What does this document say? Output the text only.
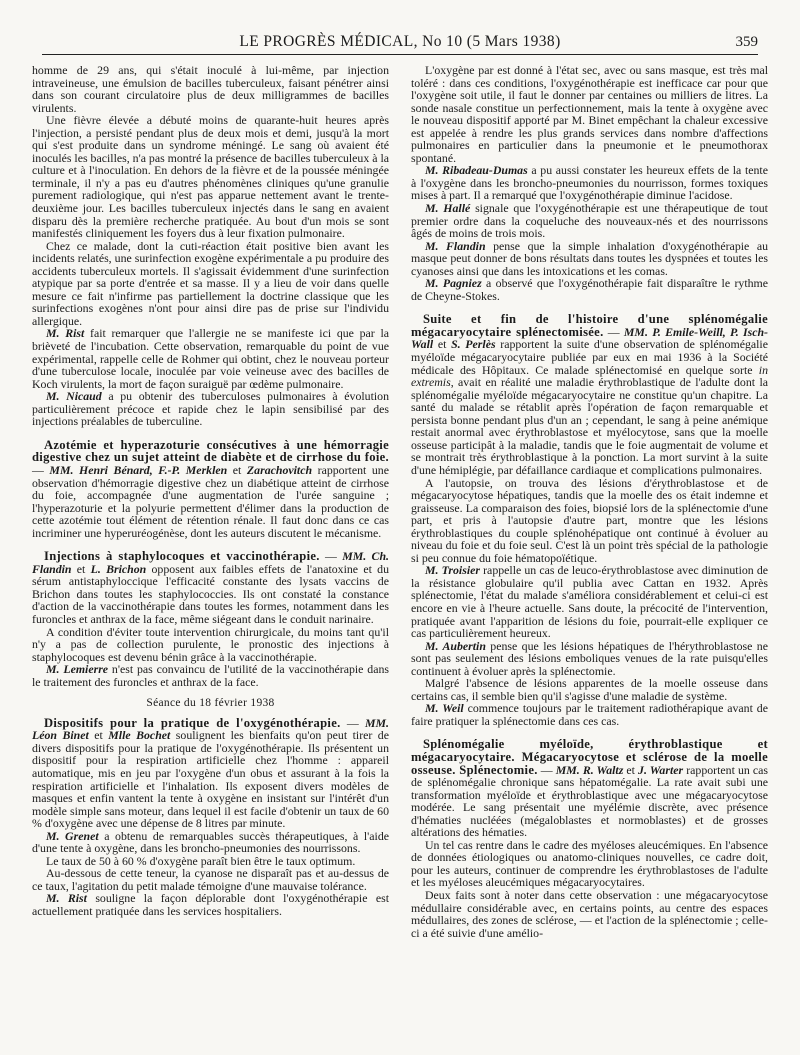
LE PROGRÈS MÉDICAL, No 10 (5 Mars 1938)	359

homme de 29 ans, qui s'était inoculé à lui-même, par injection intraveineuse, une émulsion de bacilles tuberculeux, faisant pénétrer ainsi dans son courant circulatoire plus de deux milligrammes de bacilles virulents.

Une fièvre élevée a débuté moins de quarante-huit heures après l'injection, a persisté pendant plus de deux mois et demi, jusqu'à la mort qui s'est produite dans un syndrome méningé. Le sang où avaient été inoculés les bacilles, n'a pas montré la présence de bacilles tuberculeux à la culture et à l'inoculation. En dehors de la fièvre et de la poussée méningée terminale, il n'y a pas eu d'autres phénomènes cliniques qu'une granulie purement radiologique, qui n'est pas apparue nettement avant le trente-deuxième jour. Les bacilles tuberculeux injectés dans le sang en avaient disparu dès la première recherche pratiquée. Au bout d'un mois se sont manifestés cliniquement les foyers dus à leur fixation pulmonaire.

Chez ce malade, dont la cuti-réaction était positive bien avant les incidents relatés, une surinfection exogène expérimentale a pu produire des accidents tuberculeux mortels. Il s'agissait évidemment d'une surinfection atypique par sa porte d'entrée et sa masse. Il y a lieu de voir dans quelle mesure ce fait n'infirme pas partiellement la doctrine classique que les surinfections exogènes n'ont pour ainsi dire pas de prise sur l'individu allergique.

M. Rist fait remarquer que l'allergie ne se manifeste ici que par la brièveté de l'incubation. Cette observation, remarquable du point de vue expérimental, rappelle celle de Rohmer qui obtint, chez le nouveau porteur d'une tuberculose locale, inoculée par voie veineuse avec des bacilles de Koch virulents, la mort de façon suraiguë par œdème pulmonaire.

M. Nicaud a pu obtenir des tuberculoses pulmonaires à évolution particulièrement précoce et rapide chez le lapin sensibilisé par des injections préalables de tuberculine.

Azotémie et hyperazoturie consécutives à une hémorragie digestive chez un sujet atteint de diabète et de cirrhose du foie. — MM. Henri Bénard, F.-P. Merklen et Zarachovitch rapportent une observation d'hémorragie digestive chez un diabétique atteint de cirrhose du foie, accompagnée d'une augmentation de l'urée sanguine ; l'hyperazoturie et la polyurie permettent d'élimer dans la production de cette azotémie tout élément de rétention rénale. Il faut donc dans ce cas incriminer une hyperuréogénèse, dont les auteurs discutent le mécanisme.

Injections à staphylocoques et vaccinothérapie. — MM. Ch. Flandin et L. Brichon opposent aux faibles effets de l'anatoxine et du sérum antistaphyloccique l'efficacité constante des lysats vaccins de Brichon dans toutes les staphylococcies. Ils ont constaté la constance d'action de la vaccinothérapie dans toutes les formes, notamment dans les furoncles et anthrax de la face, même siégeant dans le conduit narinaire.

A condition d'éviter toute intervention chirurgicale, du moins tant qu'il n'y a pas de collection purulente, le pronostic des injections à staphylocoques est devenu bénin grâce à la vaccinothérapie.

M. Lemierre n'est pas convaincu de l'utilité de la vaccinothérapie dans le traitement des furoncles et anthrax de la face.

Séance du 18 février 1938

Dispositifs pour la pratique de l'oxygénothérapie. — MM. Léon Binet et Mlle Bochet soulignent les bienfaits qu'on peut tirer de divers dispositifs pour la pratique de l'oxygénothérapie. Ils présentent un dispositif pour la respiration artificielle chez l'homme : appareil automatique, mis en jeu par l'oxygène d'un obus et assurant à la fois la respiration artificielle et l'inhalation. Ils exposent divers modèles de masques et enfin vantent la tente à oxygène en insistant sur l'intérêt d'un modèle simple sans moteur, dans lequel il est facile d'obtenir un taux de 60 % d'oxygène avec une dépense de 8 litres par minute.

M. Grenet a obtenu de remarquables succès thérapeutiques, à l'aide d'une tente à oxygène, dans les broncho-pneumonies des nourrissons.

Le taux de 50 à 60 % d'oxygène paraît bien être le taux optimum.

Au-dessous de cette teneur, la cyanose ne disparaît pas et au-dessus de ce taux, l'agitation du petit malade témoigne d'une mauvaise tolérance.

M. Rist souligne la façon déplorable dont l'oxygénothérapie est actuellement pratiquée dans les services hospitaliers.

L'oxygène par est donné à l'état sec, avec ou sans masque, est très mal toléré : dans ces conditions, l'oxygénothérapie est inefficace car pour que l'oxygène soit utile, il faut le donner par centaines ou milliers de litres. La sonde nasale constitue un perfectionnement, mais la tente à oxygène avec le nouveau dispositif apporté par M. Binet empêchant la chaleur excessive est appelée à rendre les plus grands services dans nombre d'affections pulmonaires en particulier dans la pneumonie et le pneumothorax spontané.

M. Ribadeau-Dumas a pu aussi constater les heureux effets de la tente à l'oxygène dans les broncho-pneumonies du nourrisson, formes toxiques mises à part. Il a remarqué que l'oxygénothérapie diminue l'acidose.

M. Hallé signale que l'oxygénothérapie est une thérapeutique de tout premier ordre dans la coqueluche des nouveaux-nés et des nourrissons âgés de moins de trois mois.

M. Flandin pense que la simple inhalation d'oxygénothérapie au masque peut donner de bons résultats dans toutes les dyspnées et toutes les cyanoses ainsi que dans les intoxications et les comas.

M. Pagniez a observé que l'oxygénothérapie fait disparaître le rythme de Cheyne-Stokes.

Suite et fin de l'histoire d'une splénomégalie mégacaryocytaire splénectomisée. — MM. P. Emile-Weill, P. Isch-Wall et S. Perlès rapportent la suite d'une observation de splénomégalie myéloïde mégacaryocytaire publiée par eux en mai 1936 à la Société médicale des Hôpitaux. Ce malade splénectomisé en quelque sorte in extremis, avait en réalité une maladie érythroblastique de l'adulte dont la splénomégalie myéloïde mégacaryocytaire ne constitue qu'un chapitre. La santé du malade se rétablit après l'opération de façon remarquable et persista bonne pendant plus d'un an ; cependant, le sang à peine anémique restait anormal avec érythroblastose et myélocytose, sans que la moelle osseuse participât à la maladie, tandis que le foie augmentait de volume et se montrait très érythroblastique à la ponction. La mort survint à la suite d'une hémiplégie, par défaillance cardiaque et complications pulmonaires.

A l'autopsie, on trouva des lésions d'érythroblastose et de mégacaryocytose hépatiques, tandis que la moelle des os était indemne et graisseuse. La comparaison des foies, biopsié lors de la splénectomie d'une part, et pris à l'autopsie d'autre part, montre que les lésions érythroblastiques du couple splénohépatique ont continué à évoluer au niveau du foie et du foie seul. C'est là un point très spécial de la pathologie si peu connue du foie hématopoïétique.

M. Troisier rappelle un cas de leuco-érythroblastose avec diminution de la résistance globulaire qu'il publia avec Cattan en 1932. Après splénectomie, l'état du malade s'améliora considérablement et celui-ci est encore en vie à l'heure actuelle. Sans doute, la précocité de l'intervention, pratiquée avant l'apparition de lésions du foie, pourrait-elle expliquer ce cas particulièrement heureux.

M. Aubertin pense que les lésions hépatiques de l'hérythroblastose ne sont pas seulement des lésions emboliques venues de la rate puisqu'elles continuent à évoluer après la splénectomie.

Malgré l'absence de lésions apparentes de la moelle osseuse dans certains cas, il semble bien qu'il s'agisse d'une maladie de système.

M. Weil commence toujours par le traitement radiothérapique avant de faire pratiquer la splénectomie dans ces cas.

Splénomégalie myéloïde, érythroblastique et mégacaryocytaire. Mégacaryocytose et sclérose de la moelle osseuse. Splénectomie. — MM. R. Waltz et J. Warter rapportent un cas de splénomégalie chronique sans hépatomégalie. La rate avait subi une transformation myéloïde et érythroblastique avec une mégacaryocytose modérée. Le sang présentait une myélémie discrète, avec présence d'hématies nucléées (mégaloblastes et normoblastes) et de grosses altérations des hématies.

Un tel cas rentre dans le cadre des myéloses aleucémiques. En l'absence de données étiologiques ou anatomo-cliniques nouvelles, ce cadre doit, pour les auteurs, continuer de comprendre les érythroblastoses de l'adulte et les myéloses aleucémiques mégacaryocytaires.

Deux faits sont à noter dans cette observation : une mégacaryocytose médullaire considérable avec, en certains points, au centre des espaces médullaires, des zones de sclérose, — et l'action de la splénectomie ; celle-ci a été suivie d'une amélio-
